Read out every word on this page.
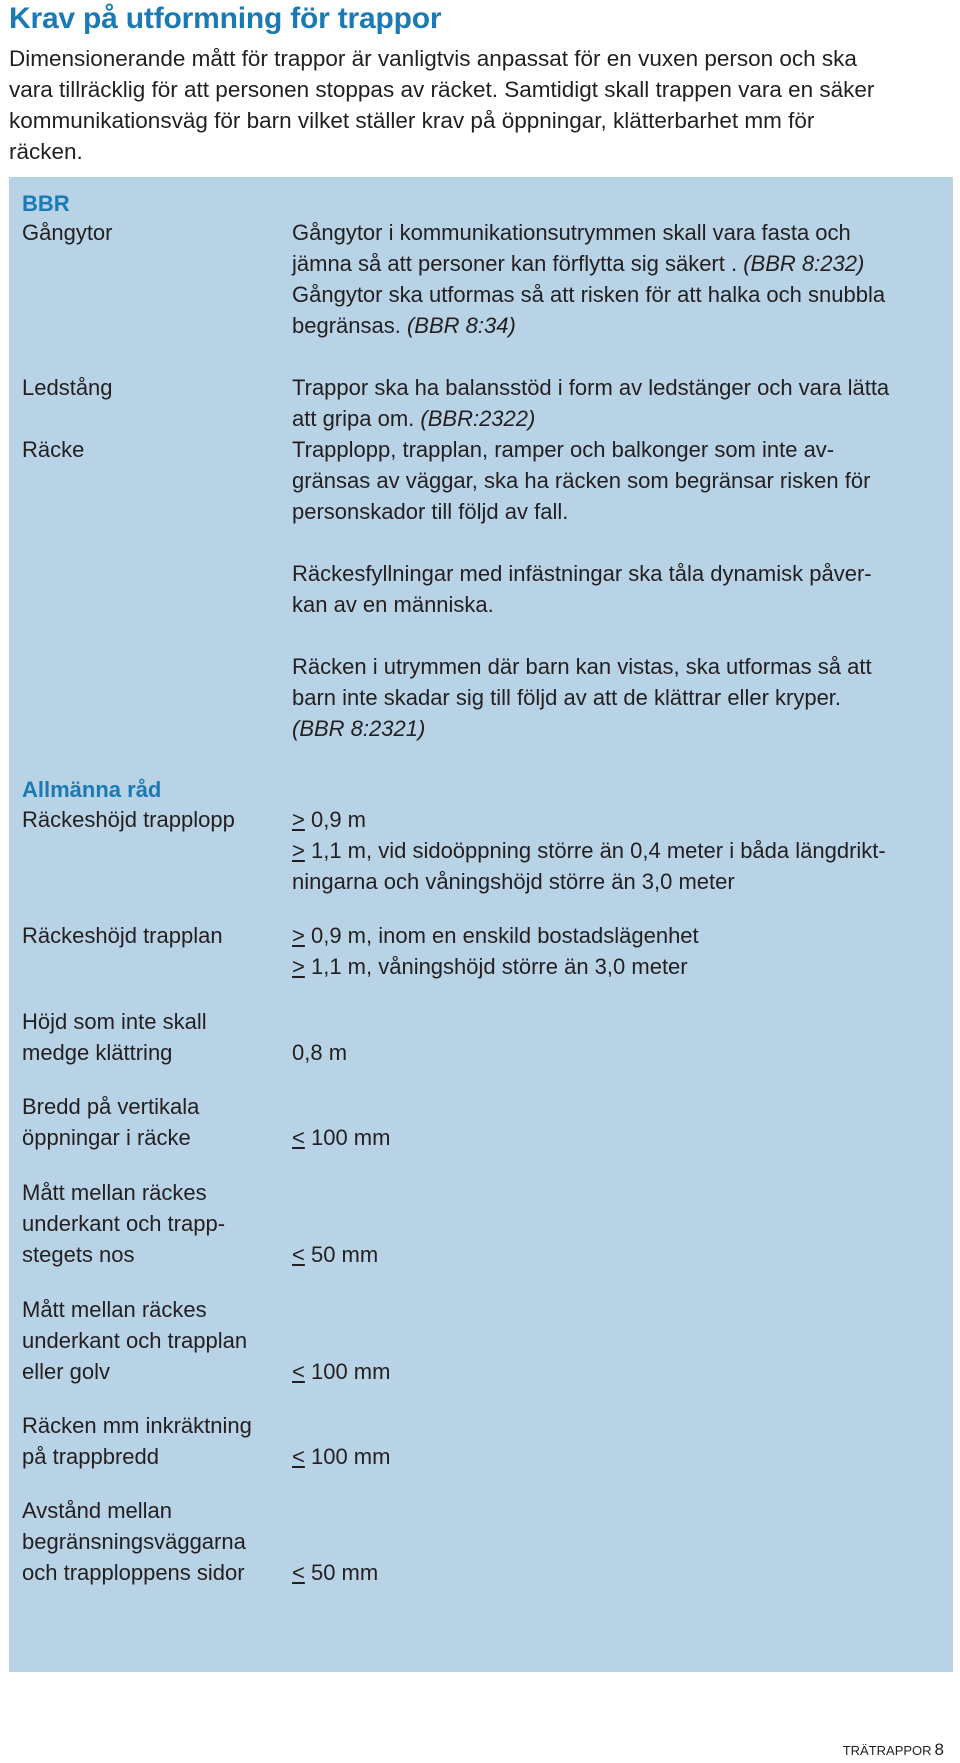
Krav på utformning för trappor
Dimensionerande mått för trappor är vanligtvis anpassat för en vuxen person och ska
vara tillräcklig för att personen stoppas av räcket. Samtidigt skall trappen vara en säker
kommunikationsväg för barn vilket ställer krav på öppningar, klätterbarhet mm för
räcken.
BBR
Gångytor	Gångytor i kommunikationsutrymmen skall vara fasta och
jämna så att personer kan förflytta sig säkert . (BBR 8:232)
Gångytor ska utformas så att risken för att halka och snubbla
begränsas. (BBR 8:34)
Ledstång	Trappor ska ha balansstöd i form av ledstänger och vara lätta
att gripa om. (BBR:2322)
Räcke	Trapplopp, trapplan, ramper och balkonger som inte av-
gränsas av väggar, ska ha räcken som begränsar risken för
personskador till följd av fall.
Räckesfyllningar med infästningar ska tåla dynamisk påver-
kan av en människa.
Räcken i utrymmen där barn kan vistas, ska utformas så att
barn inte skadar sig till följd av att de klättrar eller kryper.
(BBR 8:2321)
Allmänna råd
Räckeshöjd trapplopp	> 0,9 m
> 1,1 m, vid sidoöppning större än 0,4 meter i båda längdrikt-
ningarna och våningshöjd större än 3,0 meter
Räckeshöjd trapplan	> 0,9 m, inom en enskild bostadslägenhet
> 1,1 m, våningshöjd större än 3,0 meter
Höjd som inte skall
medge klättring	0,8 m
Bredd på vertikala
öppningar i räcke	< 100 mm
Mått mellan räckes
underkant och trapp-
stegets nos	< 50 mm
Mått mellan räckes
underkant och trapplan
eller golv	< 100 mm
Räcken mm inkräktning
på trappbredd	< 100 mm
Avstånd mellan
begränsningsväggarna
och trapploppens sidor < 50 mm
TRÄTRAPPOR 8
